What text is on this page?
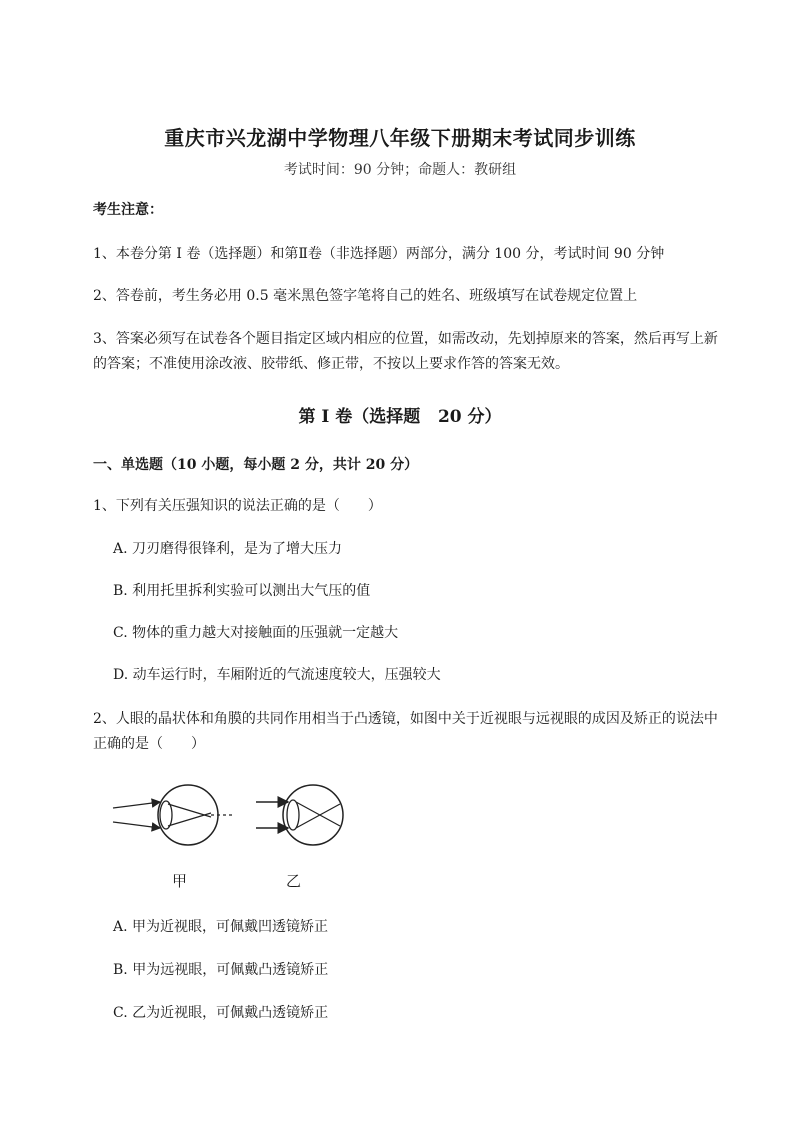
重庆市兴龙湖中学物理八年级下册期末考试同步训练
考试时间：90 分钟；命题人：教研组
考生注意：
1、本卷分第 I 卷（选择题）和第Ⅱ卷（非选择题）两部分，满分 100 分，考试时间 90 分钟
2、答卷前，考生务必用 0.5 毫米黑色签字笔将自己的姓名、班级填写在试卷规定位置上
3、答案必须写在试卷各个题目指定区域内相应的位置，如需改动，先划掉原来的答案，然后再写上新
的答案；不准使用涂改液、胶带纸、修正带，不按以上要求作答的答案无效。
第 I 卷（选择题   20 分）
一、单选题（10 小题，每小题 2 分，共计 20 分）
1、下列有关压强知识的说法正确的是（　　）
A. 刀刃磨得很锋利，是为了增大压力
B. 利用托里拆利实验可以测出大气压的值
C. 物体的重力越大对接触面的压强就一定越大
D. 动车运行时，车厢附近的气流速度较大，压强较大
2、人眼的晶状体和角膜的共同作用相当于凸透镜，如图中关于近视眼与远视眼的成因及矫正的说法中
正确的是（　　）
甲	乙
A. 甲为近视眼，可佩戴凹透镜矫正
B. 甲为远视眼，可佩戴凸透镜矫正
C. 乙为近视眼，可佩戴凸透镜矫正
